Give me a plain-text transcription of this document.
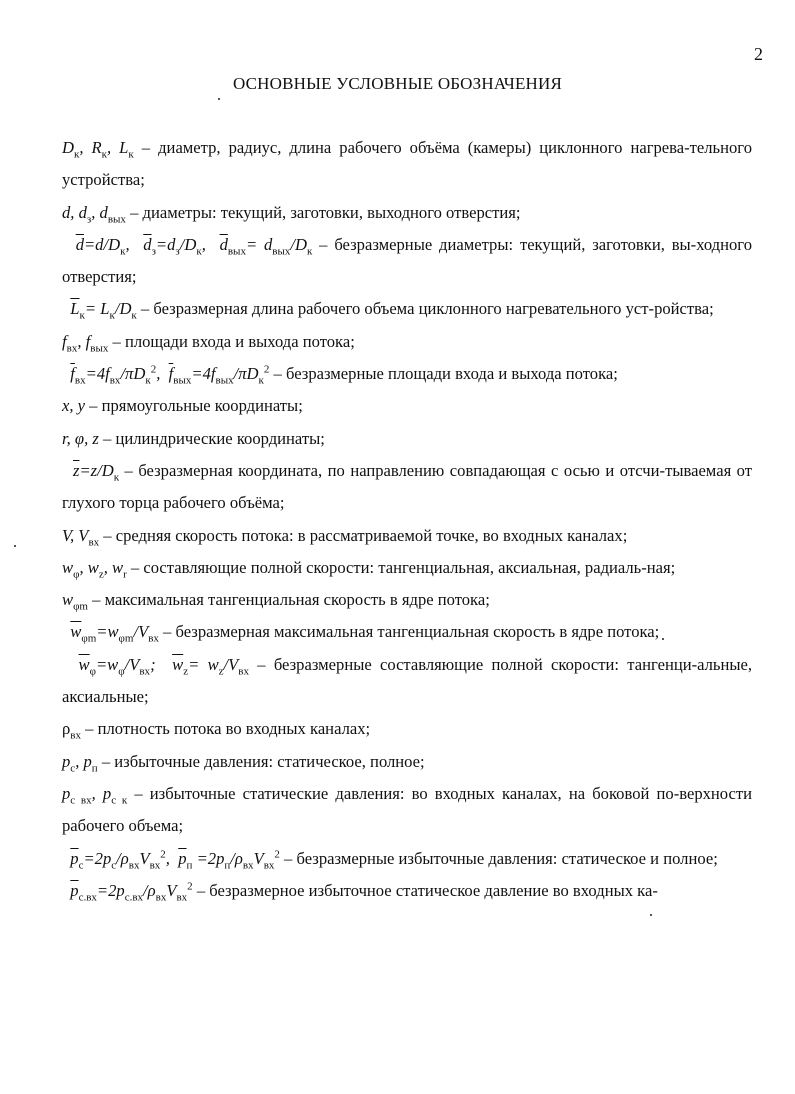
2
ОСНОВНЫЕ УСЛОВНЫЕ ОБОЗНАЧЕНИЯ

$D_к$, $R_к$, $L_к$ – диаметр, радиус, длина рабочего объёма (камеры) циклонного нагрева-тельного устройства;

d, $d_з$, $d_{вых}$ – диаметры: текущий, заготовки, выходного отверстия;

$\overline{d}=d/D_к$,  $\overline{d}_з=d_з/D_к$,  $\overline{d}_{вых}= d_{вых}/D_к$ – безразмерные диаметры: текущий, заготовки, вы-ходного отверстия;

$\overline{L}_к= L_к/D_к$ – безразмерная длина рабочего объема циклонного нагревательного уст-ройства;

$f_{вх}$, $f_{вых}$ – площади входа и выхода потока;

$\overline{f}_{вх}=4f_{вх}/\pi D_к^2$,  $\overline{f}_{вых}=4f_{вых}/\pi D_к^2$ – безразмерные площади входа и выхода потока;

x, y – прямоугольные координаты;

r, φ, z – цилиндрические координаты;

$\overline{z}=z/D_к$ – безразмерная координата, по направлению совпадающая с осью и отсчи-тываемая от глухого торца рабочего объёма;

V, $V_{вх}$ – средняя скорость потока: в рассматриваемой точке, во входных каналах;

$w_\varphi$, $w_z$, $w_r$ – составляющие полной скорости: тангенциальная, аксиальная, радиаль-ная;

$w_{\varphi m}$ – максимальная тангенциальная скорость в ядре потока;

$\overline{w}_{\varphi m}=w_{\varphi m}/V_{вх}$ – безразмерная максимальная тангенциальная скорость в ядре потока;

$\overline{w}_\varphi=w_\varphi/V_{вх}$;  $\overline{w}_z= w_z/V_{вх}$ – безразмерные составляющие полной скорости: тангенци-альные, аксиальные;

$\rho_{вх}$ – плотность потока во входных каналах;

$p_с$, $p_п$ – избыточные давления: статическое, полное;

$p_{с вх}$, $p_{с к}$ – избыточные статические давления: во входных каналах, на боковой по-верхности рабочего объема;

$\overline{p}_с=2p_с/\rho_{вх}V_{вх}^2$,  $\overline{p}_п =2p_п/\rho_{вх}V_{вх}^2$ – безразмерные избыточные давления: статическое и полное;

$\overline{p}_{с.вх}=2p_{с.вх}/\rho_{вх}V_{вх}^2$ – безразмерное избыточное статическое давление во входных ка-
